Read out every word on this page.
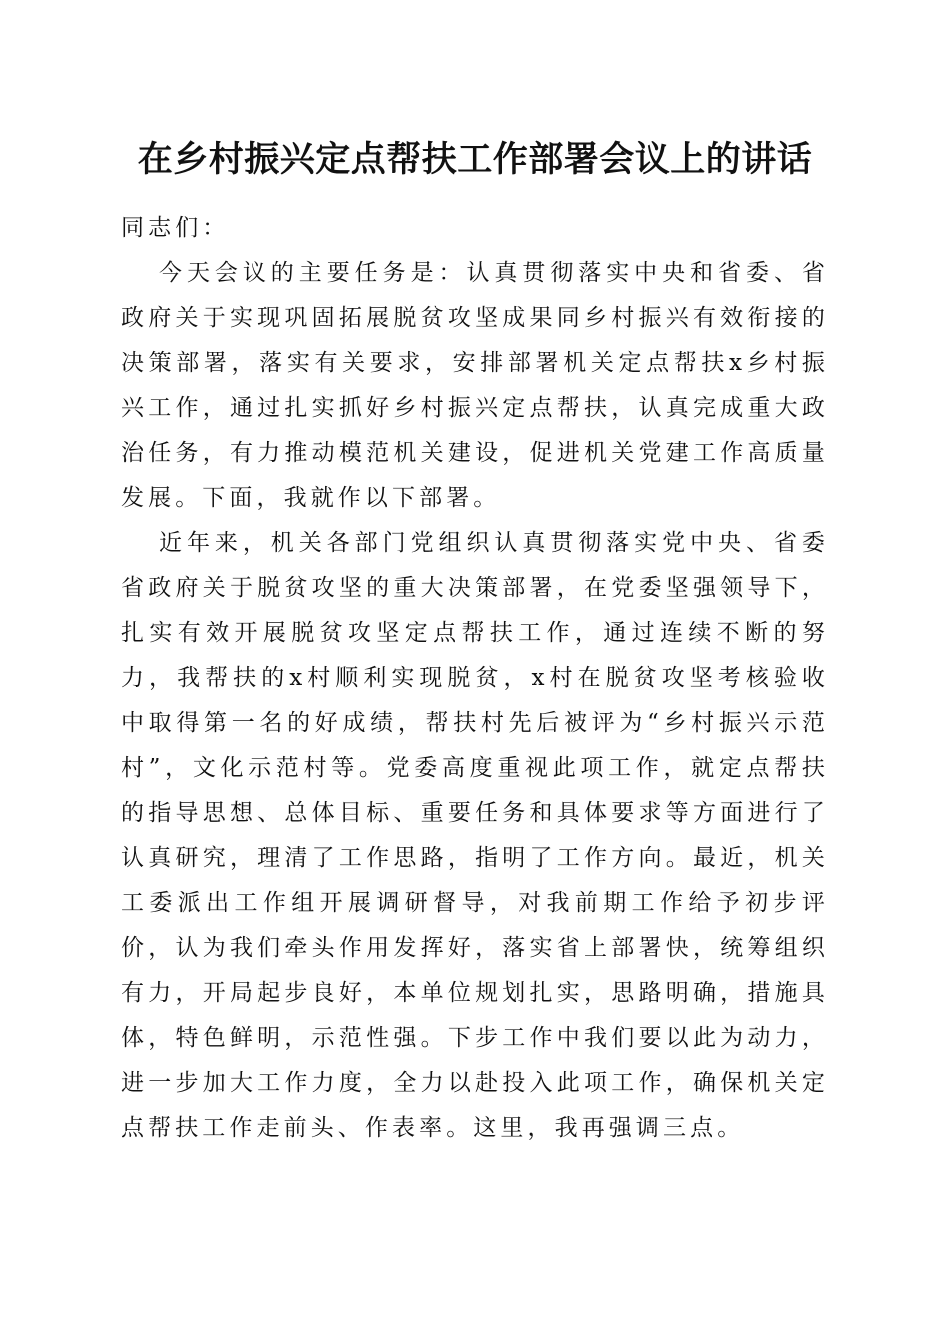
在乡村振兴定点帮扶工作部署会议上的讲话

同志们：

今天会议的主要任务是：认真贯彻落实中央和省委、省政府关于实现巩固拓展脱贫攻坚成果同乡村振兴有效衔接的决策部署，落实有关要求，安排部署机关定点帮扶x乡村振兴工作，通过扎实抓好乡村振兴定点帮扶，认真完成重大政治任务，有力推动模范机关建设，促进机关党建工作高质量发展。下面，我就作以下部署。

近年来，机关各部门党组织认真贯彻落实党中央、省委省政府关于脱贫攻坚的重大决策部署，在党委坚强领导下，扎实有效开展脱贫攻坚定点帮扶工作，通过连续不断的努力，我帮扶的x村顺利实现脱贫，x村在脱贫攻坚考核验收中取得第一名的好成绩，帮扶村先后被评为“乡村振兴示范村”，文化示范村等。党委高度重视此项工作，就定点帮扶的指导思想、总体目标、重要任务和具体要求等方面进行了认真研究，理清了工作思路，指明了工作方向。最近，机关工委派出工作组开展调研督导，对我前期工作给予初步评价，认为我们牵头作用发挥好，落实省上部署快，统筹组织有力，开局起步良好，本单位规划扎实，思路明确，措施具体，特色鲜明，示范性强。下步工作中我们要以此为动力，进一步加大工作力度，全力以赴投入此项工作，确保机关定点帮扶工作走前头、作表率。这里，我再强调三点。
